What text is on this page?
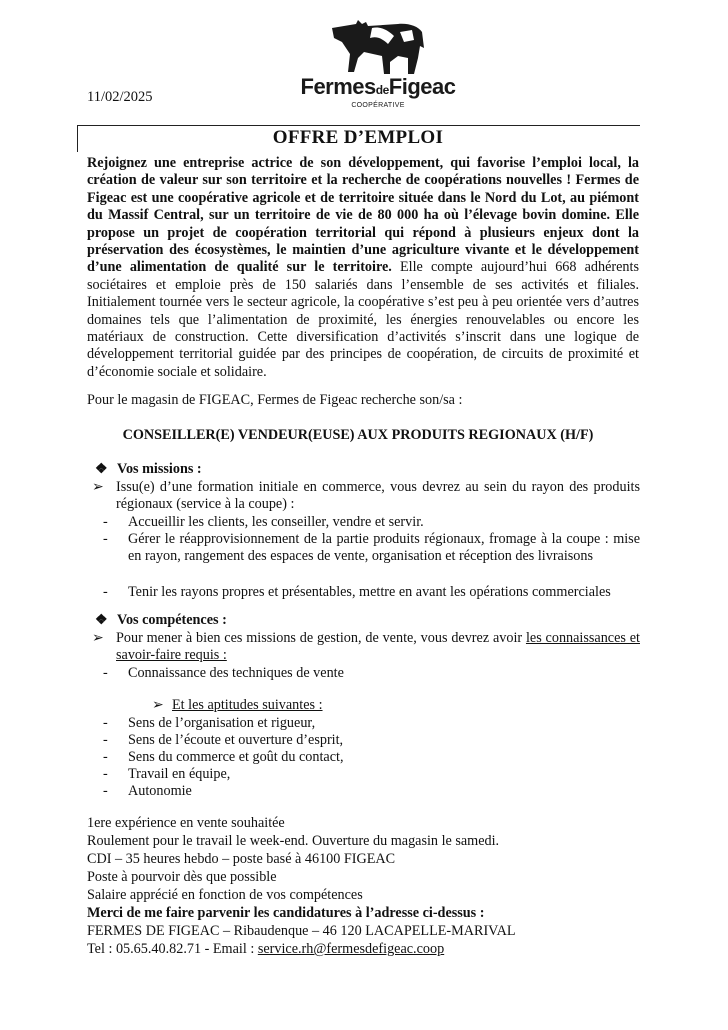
FermesdeFigeac
COOPÉRATIVE
11/02/2025
OFFRE D’EMPLOI
Rejoignez une entreprise actrice de son développement, qui favorise l’emploi local, la création de valeur sur son territoire et la recherche de coopérations nouvelles ! Fermes de Figeac est une coopérative agricole et de territoire située dans le Nord du Lot, au piémont du Massif Central, sur un territoire de vie de 80 000 ha où l’élevage bovin domine. Elle propose un projet de coopération territorial qui répond à plusieurs enjeux dont la préservation des écosystèmes, le maintien d’une agriculture vivante et le développement d’une alimentation de qualité sur le territoire. Elle compte aujourd’hui 668 adhérents sociétaires et emploie près de 150 salariés dans l’ensemble de ses activités et filiales. Initialement tournée vers le secteur agricole, la coopérative s’est peu à peu orientée vers d’autres domaines tels que l’alimentation de proximité, les énergies renouvelables ou encore les matériaux de construction. Cette diversification d’activités s’inscrit dans une logique de développement territorial guidée par des principes de coopération, de circuits de proximité et d’économie sociale et solidaire.
Pour le magasin de FIGEAC, Fermes de Figeac recherche son/sa :
CONSEILLER(E) VENDEUR(EUSE) AUX PRODUITS REGIONAUX (H/F)
❖ Vos missions :
➢ Issu(e) d’une formation initiale en commerce, vous devrez au sein du rayon des produits régionaux (service à la coupe) :
- Accueillir les clients, les conseiller, vendre et servir.
- Gérer le réapprovisionnement de la partie produits régionaux, fromage à la coupe : mise en rayon, rangement des espaces de vente, organisation et réception des livraisons
- Tenir les rayons propres et présentables, mettre en avant les opérations commerciales
❖ Vos compétences :
➢ Pour mener à bien ces missions de gestion, de vente, vous devrez avoir les connaissances et savoir-faire requis :
- Connaissance des techniques de vente
➢ Et les aptitudes suivantes :
- Sens de l’organisation et rigueur,
- Sens de l’écoute et ouverture d’esprit,
- Sens du commerce et goût du contact,
- Travail en équipe,
- Autonomie
1ere expérience en vente souhaitée
Roulement pour le travail le week-end. Ouverture du magasin le samedi.
CDI – 35 heures hebdo – poste basé à 46100 FIGEAC
Poste à pourvoir dès que possible
Salaire apprécié en fonction de vos compétences
Merci de me faire parvenir les candidatures à l’adresse ci-dessus :
FERMES DE FIGEAC – Ribaudenque – 46 120 LACAPELLE-MARIVAL
Tel : 05.65.40.82.71 - Email : service.rh@fermesdefigeac.coop
